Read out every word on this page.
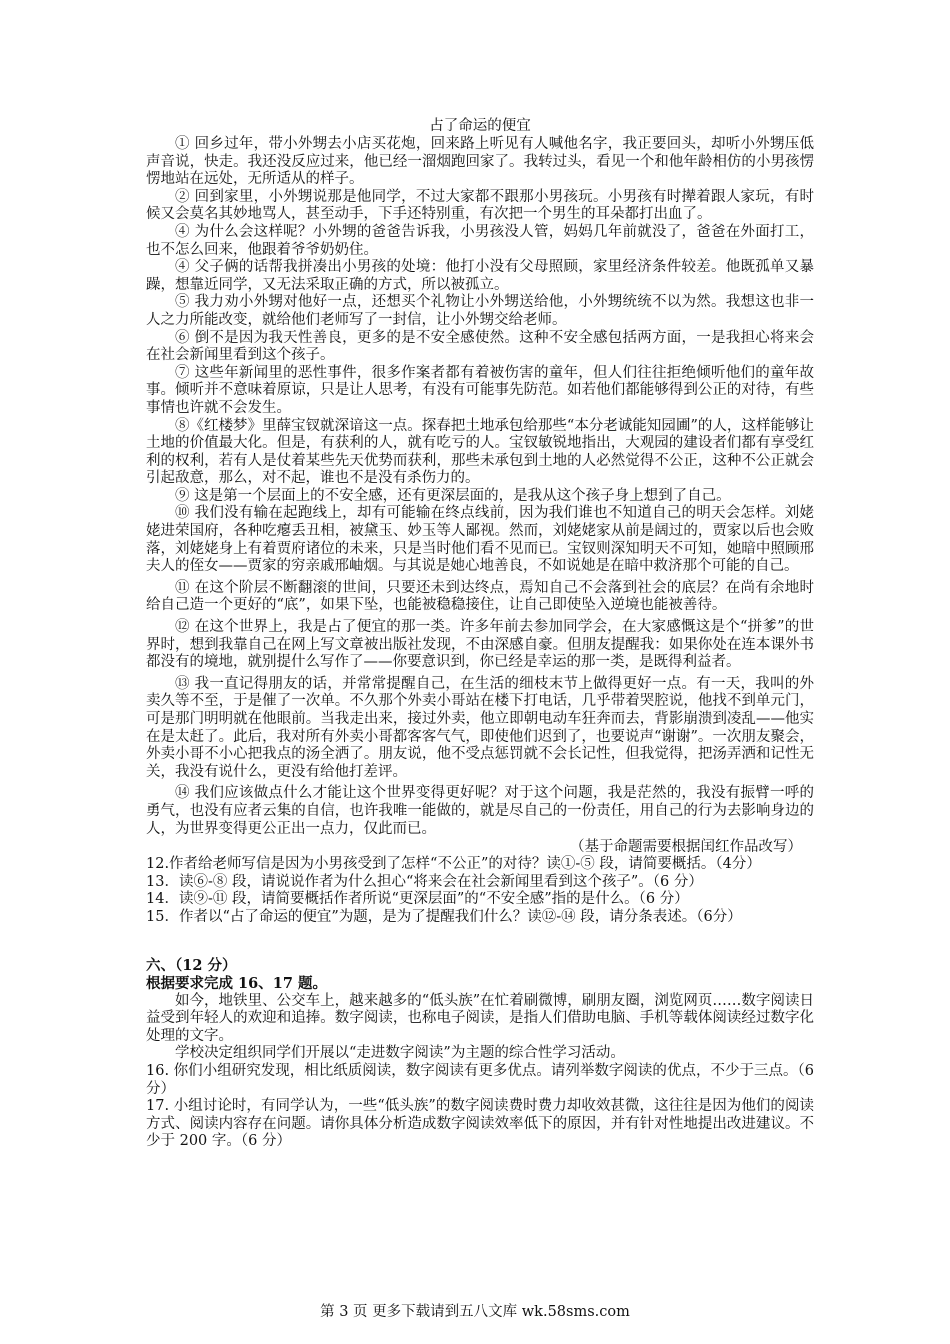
占了命运的便宜

① 回乡过年，带小外甥去小店买花炮，回来路上听见有人喊他名字，我正要回头，却听小外甥压低声音说，快走。我还没反应过来，他已经一溜烟跑回家了。我转过头，看见一个和他年龄相仿的小男孩愣愣地站在远处，无所适从的样子。

② 回到家里，小外甥说那是他同学，不过大家都不跟那小男孩玩。小男孩有时撵着跟人家玩，有时候又会莫名其妙地骂人，甚至动手，下手还特别重，有次把一个男生的耳朵都打出血了。

④ 为什么会这样呢？小外甥的爸爸告诉我，小男孩没人管，妈妈几年前就没了，爸爸在外面打工，也不怎么回来，他跟着爷爷奶奶住。

④ 父子俩的话帮我拼凑出小男孩的处境：他打小没有父母照顾，家里经济条件较差。他既孤单又暴躁，想靠近同学，又无法采取正确的方式，所以被孤立。

⑤ 我力劝小外甥对他好一点，还想买个礼物让小外甥送给他，小外甥统统不以为然。我想这也非一人之力所能改变，就给他们老师写了一封信，让小外甥交给老师。

⑥ 倒不是因为我天性善良，更多的是不安全感使然。这种不安全感包括两方面，一是我担心将来会在社会新闻里看到这个孩子。

⑦ 这些年新闻里的恶性事件，很多作案者都有着被伤害的童年，但人们往往拒绝倾听他们的童年故事。倾听并不意味着原谅，只是让人思考，有没有可能事先防范。如若他们都能够得到公正的对待，有些事情也许就不会发生。

⑧《红楼梦》里薛宝钗就深谙这一点。探春把土地承包给那些“本分老诚能知园圃”的人，这样能够让土地的价值最大化。但是，有获利的人，就有吃亏的人。宝钗敏锐地指出，大观园的建设者们都有享受红利的权利，若有人是仗着某些先天优势而获利，那些未承包到土地的人必然觉得不公正，这种不公正就会引起敌意，那么，对不起，谁也不是没有杀伤力的。

⑨ 这是第一个层面上的不安全感，还有更深层面的，是我从这个孩子身上想到了自己。

⑩ 我们没有输在起跑线上，却有可能输在终点线前，因为我们谁也不知道自己的明天会怎样。刘姥姥进荣国府，各种吃瘪丢丑相，被黛玉、妙玉等人鄙视。然而，刘姥姥家从前是阔过的，贾家以后也会败落，刘姥姥身上有着贾府诸位的未来，只是当时他们看不见而已。宝钗则深知明天不可知，她暗中照顾邢夫人的侄女——贾家的穷亲戚邢岫烟。与其说是她心地善良，不如说她是在暗中救济那个可能的自己。

⑪ 在这个阶层不断翻滚的世间，只要还未到达终点，焉知自己不会落到社会的底层？在尚有余地时给自己造一个更好的“底”，如果下坠，也能被稳稳接住，让自己即使坠入逆境也能被善待。

⑫ 在这个世界上，我是占了便宜的那一类。许多年前去参加同学会，在大家感慨这是个“拼爹”的世界时，想到我靠自己在网上写文章被出版社发现，不由深感自豪。但朋友提醒我：如果你处在连本课外书都没有的境地，就别提什么写作了——你要意识到，你已经是幸运的那一类，是既得利益者。

⑬ 我一直记得朋友的话，并常常提醒自己，在生活的细枝末节上做得更好一点。有一天，我叫的外卖久等不至，于是催了一次单。不久那个外卖小哥站在楼下打电话，几乎带着哭腔说，他找不到单元门，可是那门明明就在他眼前。当我走出来，接过外卖，他立即朝电动车狂奔而去，背影崩溃到凌乱——他实在是太赶了。此后，我对所有外卖小哥都客客气气，即使他们迟到了，也要说声“谢谢”。一次朋友聚会，外卖小哥不小心把我点的汤全洒了。朋友说，他不受点惩罚就不会长记性，但我觉得，把汤弄洒和记性无关，我没有说什么，更没有给他打差评。

⑭ 我们应该做点什么才能让这个世界变得更好呢？对于这个问题，我是茫然的，我没有振臂一呼的勇气，也没有应者云集的自信，也许我唯一能做的，就是尽自己的一份责任，用自己的行为去影响身边的人，为世界变得更公正出一点力，仅此而已。

（基于命题需要根据闰红作品改写）

12.作者给老师写信是因为小男孩受到了怎样“不公正”的对待？读①-⑤ 段，请简要概括。（4分）

13．读⑥-⑧ 段，请说说作者为什么担心“将来会在社会新闻里看到这个孩子”。（6 分）

14．读⑨-⑪ 段，请简要概括作者所说“更深层面”的“不安全感”指的是什么。（6 分）

15．作者以“占了命运的便宜”为题，是为了提醒我们什么？读⑫-⑭ 段，请分条表述。（6分）

六、（12 分）

根据要求完成 16、17 题。

如今，地铁里、公交车上，越来越多的“低头族”在忙着刷微博，刷朋友圈，浏览网页……数字阅读日益受到年轻人的欢迎和追捧。数字阅读，也称电子阅读，是指人们借助电脑、手机等载体阅读经过数字化处理的文字。

学校决定组织同学们开展以“走进数字阅读”为主题的综合性学习活动。

16. 你们小组研究发现，相比纸质阅读，数字阅读有更多优点。请列举数字阅读的优点，不少于三点。（6 分）

17. 小组讨论时，有同学认为，一些“低头族”的数字阅读费时费力却收效甚微，这往往是因为他们的阅读方式、阅读内容存在问题。请你具体分析造成数字阅读效率低下的原因，并有针对性地提出改进建议。不少于 200 字。（6 分）

第 3 页 更多下载请到五八文库 wk.58sms.com
